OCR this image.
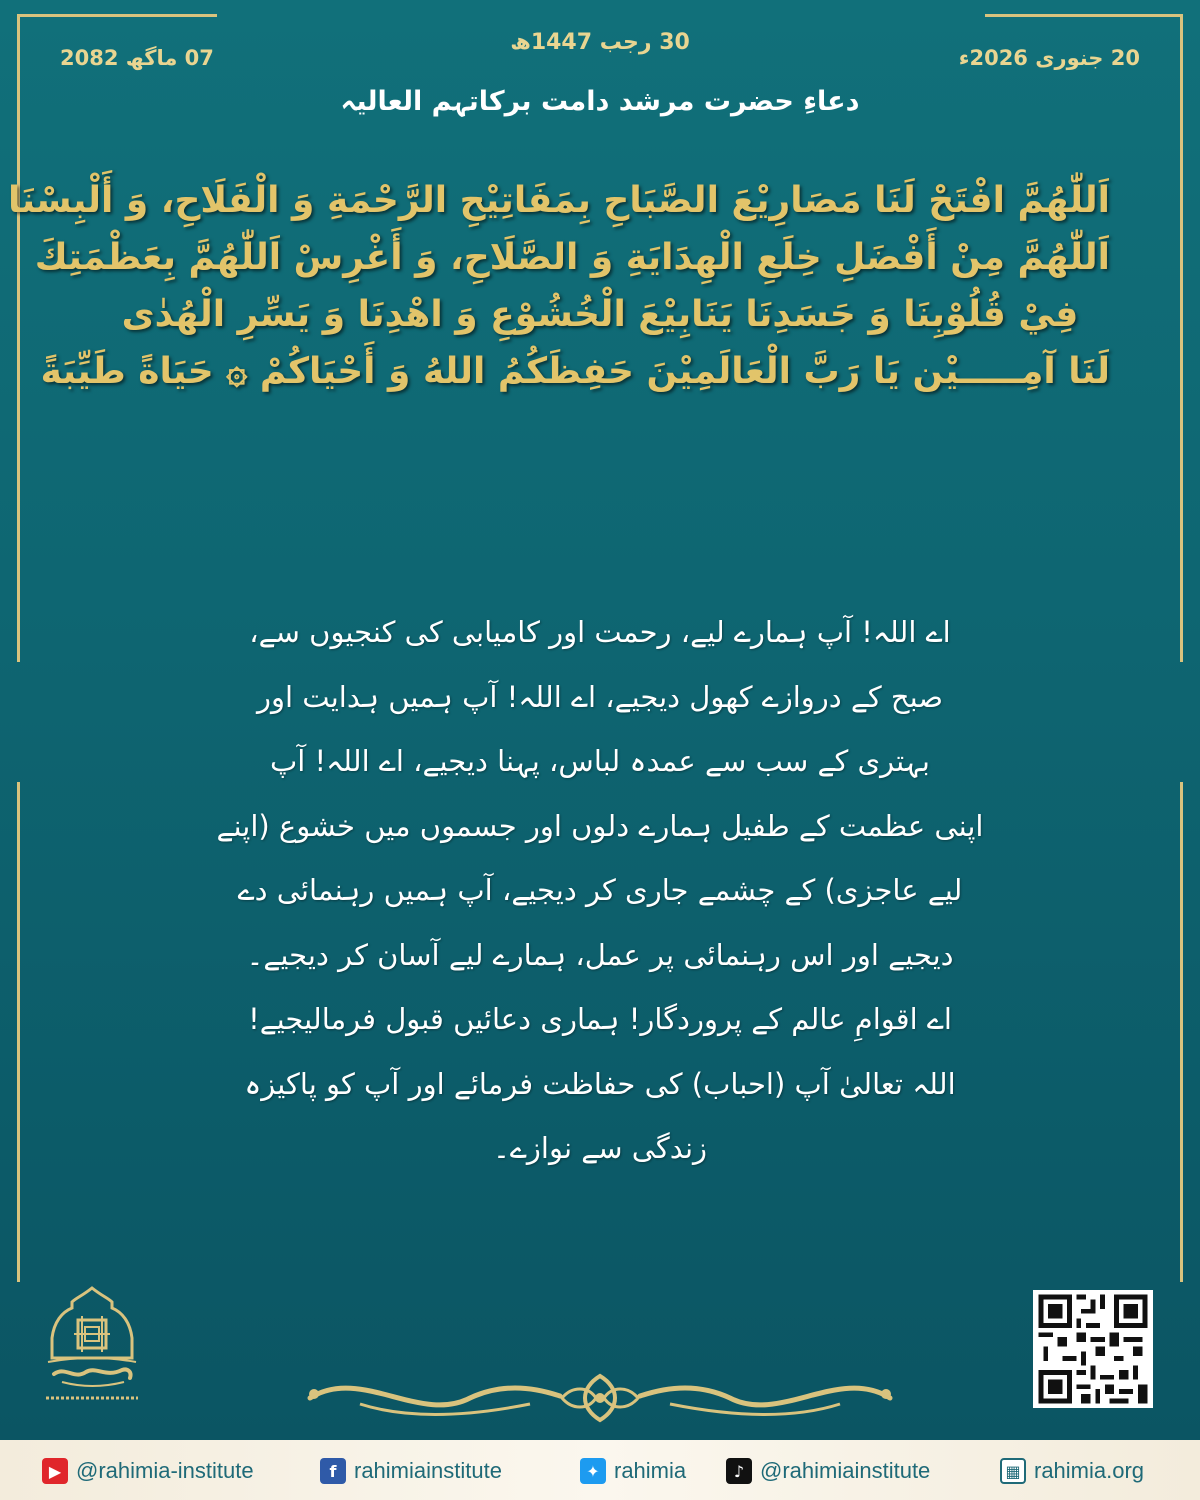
30 رجب 1447ھ
20 جنوری 2026ء
07 ماگھ 2082
دعاءِ حضرت مرشد دامت برکاتہم العالیہ
اَللّٰهُمَّ افْتَحْ لَنَا مَصَارِيْعَ الصَّبَاحِ بِمَفَاتِيْحِ الرَّحْمَةِ وَ الْفَلَاحِ، وَ أَلْبِسْنَا
اَللّٰهُمَّ مِنْ أَفْضَلِ خِلَعِ الْهِدَايَةِ وَ الصَّلَاحِ، وَ أَغْرِسْ اَللّٰهُمَّ بِعَظْمَتِكَ
فِيْ قُلُوْبِنَا وَ جَسَدِنَا يَنَابِيْعَ الْخُشُوْعِ وَ اهْدِنَا وَ يَسِّرِ الْهُدٰى
لَنَا آمِـــــيْن يَا رَبَّ الْعَالَمِيْنَ حَفِظَكُمُ اللهُ وَ أَحْيَاكُمْ ۞ حَيَاةً طَيِّبَةً
اے اللہ! آپ ہمارے لیے، رحمت اور کامیابی کی کنجیوں سے،
صبح کے دروازے کھول دیجیے، اے اللہ! آپ ہمیں ہدایت اور
بہتری کے سب سے عمدہ لباس، پہنا دیجیے، اے اللہ! آپ
اپنی عظمت کے طفیل ہمارے دلوں اور جسموں میں خشوع (اپنے
لیے عاجزی) کے چشمے جاری کر دیجیے، آپ ہمیں رہنمائی دے
دیجیے اور اس رہنمائی پر عمل، ہمارے لیے آسان کر دیجیے۔
اے اقوامِ عالم کے پروردگار! ہماری دعائیں قبول فرمالیجیے!
اللہ تعالیٰ آپ (احباب) کی حفاظت فرمائے اور آپ کو پاکیزہ
زندگی سے نوازے۔
▶ @rahimia-institute	f rahimiainstitute	✦ rahimia	♪ @rahimiainstitute	▦ rahimia.org
